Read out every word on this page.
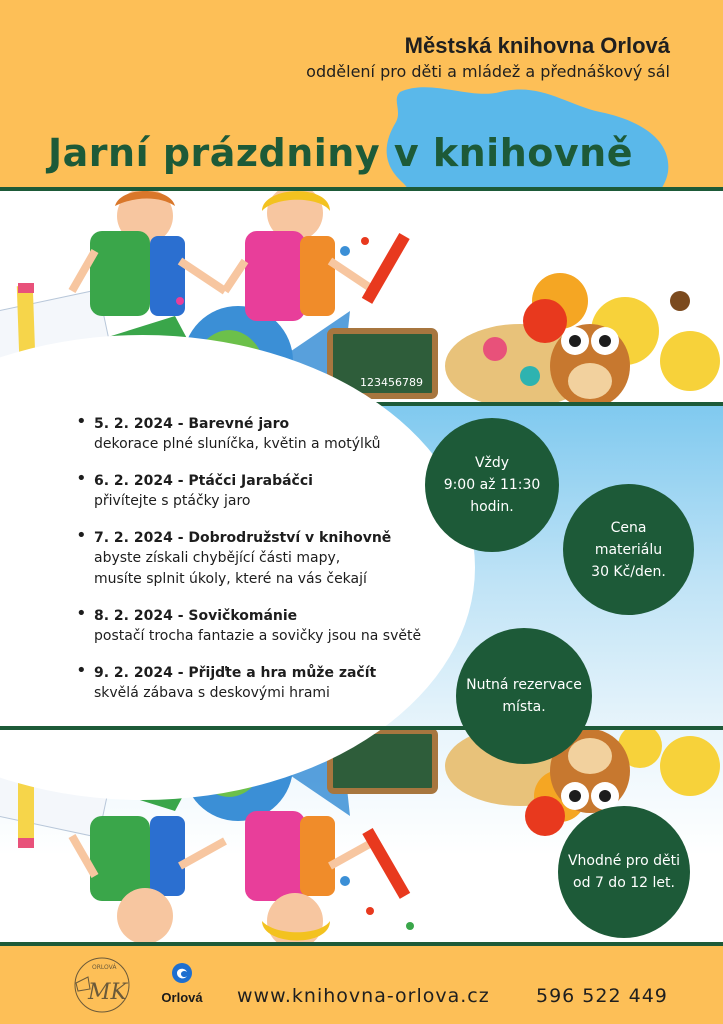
Městská knihovna Orlová

oddělení pro děti a mládež a přednáškový sál

Jarní prázdniny v knihovně
123456789
• 5. 2. 2024 - Barevné jaro
dekorace plné sluníčka, květin a motýlků
• 6. 2. 2024 - Ptáčci Jarabáčci
přivítejte s ptáčky jaro
• 7. 2. 2024 - Dobrodružství v knihovně
abyste získali chybějící části mapy,
musíte splnit úkoly, které na vás čekají
• 8. 2. 2024 - Sovičkománie
postačí trocha fantazie a sovičky jsou na světě
• 9. 2. 2024 - Přijďte a hra může začít
skvělá zábava s deskovými hrami
Vždy
9:00 až 11:30
hodin.
Cena
materiálu
30 Kč/den.
Nutná rezervace
místa.
Vhodné pro děti
od 7 do 12 let.
ORLOVÁ
MK	Orlová	www.knihovna-orlova.cz 596 522 449
